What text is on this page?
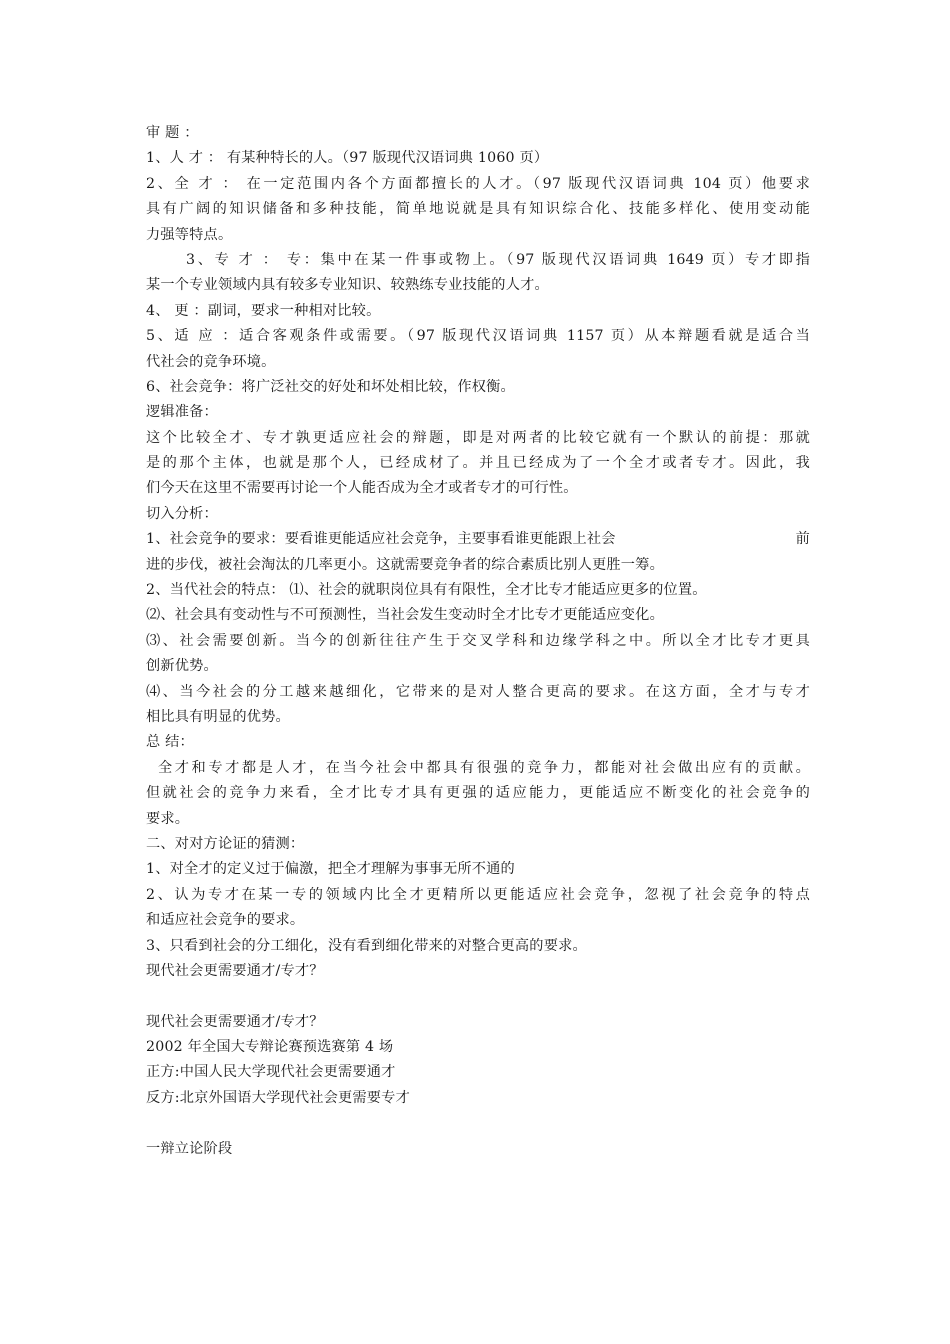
审 题 ：
1、人 才 ： 有某种特长的人。（97 版现代汉语词典 1060 页）
2、全 才 ： 在一定范围内各个方面都擅长的人才。（97 版现代汉语词典 104 页）他要求
具有广阔的知识储备和多种技能，简单地说就是具有知识综合化、技能多样化、使用变动能
力强等特点。
3、专 才 ： 专：集中在某一件事或物上。（97 版现代汉语词典 1649 页）专才即指
某一个专业领域内具有较多专业知识、较熟练专业技能的人才。
4、 更 ：副词，要求一种相对比较。
5、适 应 ：适合客观条件或需要。（97 版现代汉语词典 1157 页）从本辩题看就是适合当
代社会的竞争环境。
6、社会竞争：将广泛社交的好处和坏处相比较，作权衡。
逻辑准备：
这个比较全才、专才孰更适应社会的辩题，即是对两者的比较它就有一个默认的前提：那就
是的那个主体，也就是那个人，已经成材了。并且已经成为了一个全才或者专才。因此，我
们今天在这里不需要再讨论一个人能否成为全才或者专才的可行性。
切入分析：
1、社会竞争的要求：要看谁更能适应社会竞争，主要事看谁更能跟上社会	前
进的步伐，被社会淘汰的几率更小。这就需要竞争者的综合素质比别人更胜一筹。
2、当代社会的特点： ⑴、社会的就职岗位具有有限性，全才比专才能适应更多的位置。
⑵、社会具有变动性与不可预测性，当社会发生变动时全才比专才更能适应变化。
⑶、社会需要创新。当今的创新往往产生于交叉学科和边缘学科之中。所以全才比专才更具
创新优势。
⑷、当今社会的分工越来越细化，它带来的是对人整合更高的要求。在这方面，全才与专才
相比具有明显的优势。
总 结：
全才和专才都是人才，在当今社会中都具有很强的竞争力，都能对社会做出应有的贡献。
但就社会的竞争力来看，全才比专才具有更强的适应能力，更能适应不断变化的社会竞争的
要求。
二、对对方论证的猜测：
1、对全才的定义过于偏激，把全才理解为事事无所不通的
2、认为专才在某一专的领域内比全才更精所以更能适应社会竞争，忽视了社会竞争的特点
和适应社会竞争的要求。
3、只看到社会的分工细化，没有看到细化带来的对整合更高的要求。
现代社会更需要通才/专才？
现代社会更需要通才/专才？
2002 年全国大专辩论赛预选赛第 4 场
正方:中国人民大学现代社会更需要通才
反方:北京外国语大学现代社会更需要专才
一辩立论阶段
